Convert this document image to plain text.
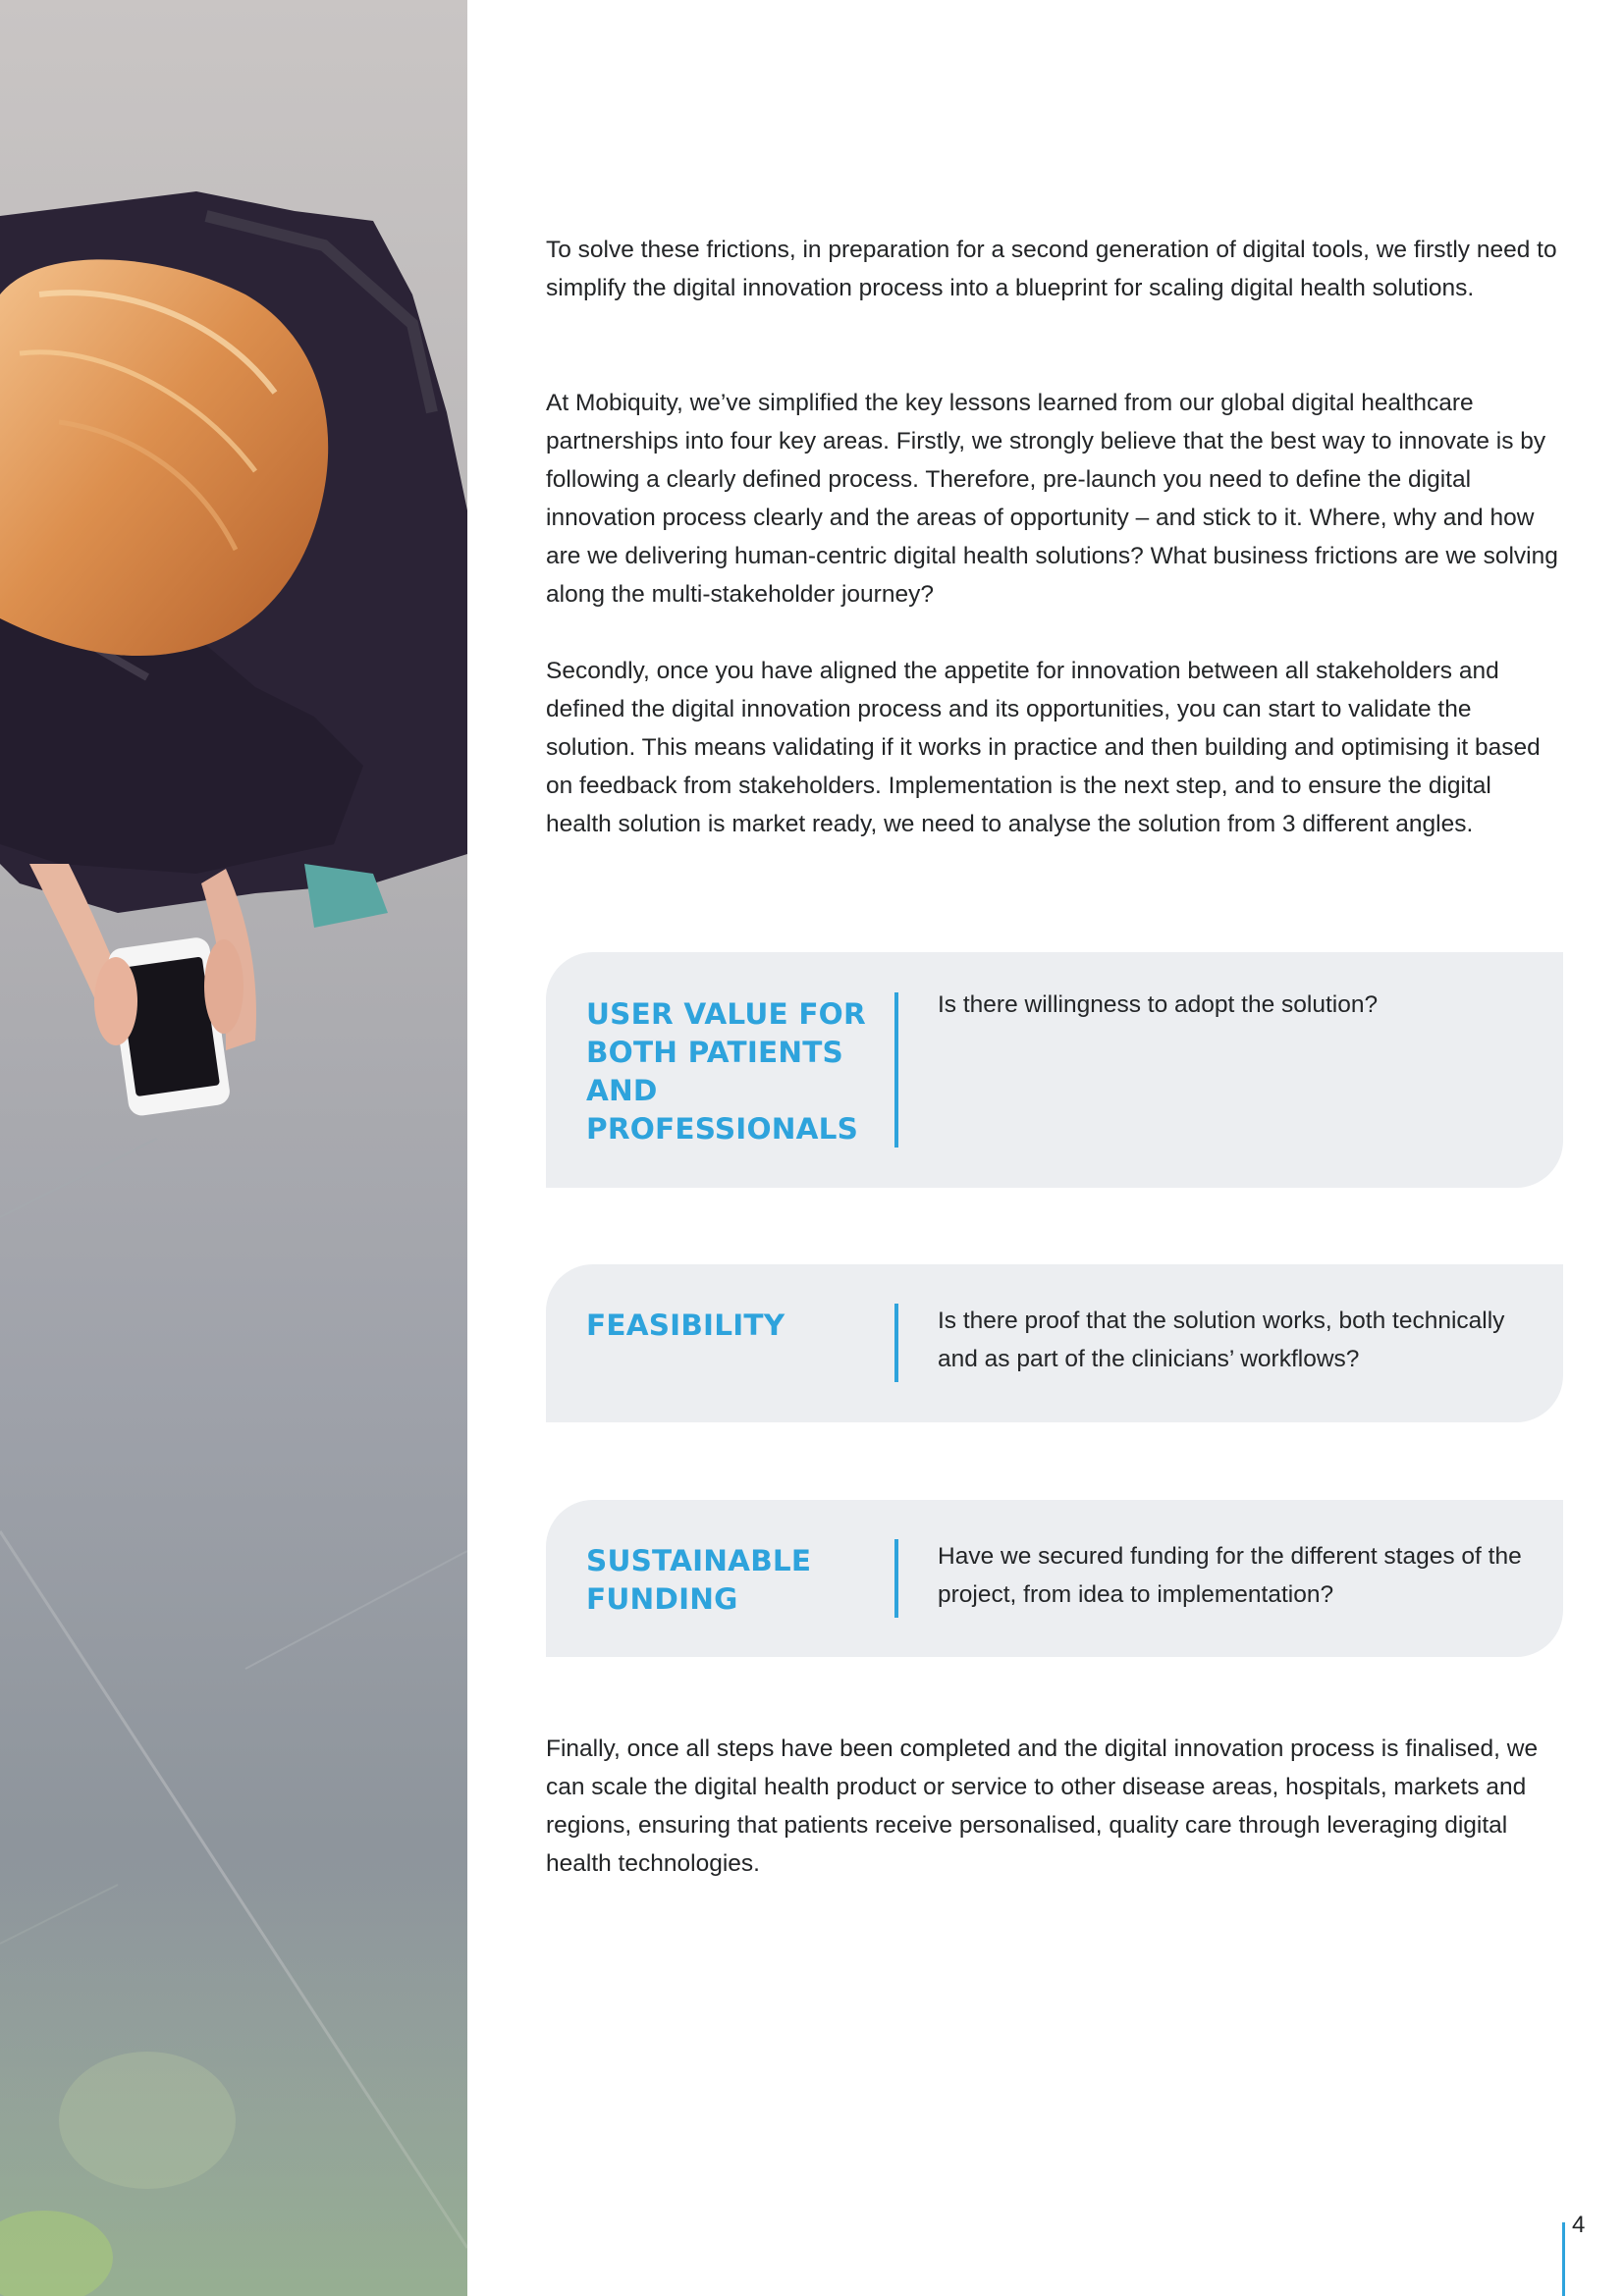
To solve these frictions, in preparation for a second generation of digital tools, we firstly need to simplify the digital innovation process into a blueprint for scaling digital health solutions.

At Mobiquity, we’ve simplified the key lessons learned from our global digital healthcare partnerships into four key areas. Firstly, we strongly believe that the best way to innovate is by following a clearly defined process. Therefore, pre-launch you need to define the digital innovation process clearly and the areas of opportunity – and stick to it. Where, why and how are we delivering human-centric digital health solutions? What business frictions are we solving along the multi-stakeholder journey?

Secondly, once you have aligned the appetite for innovation between all stakeholders and defined the digital innovation process and its opportunities, you can start to validate the solution. This means validating if it works in practice and then building and optimising it based on feedback from stakeholders. Implementation is the next step, and to ensure the digital health solution is market ready, we need to analyse the solution from 3 different angles.

USER VALUE FOR BOTH PATIENTS AND PROFESSIONALS

Is there willingness to adopt the solution?

FEASIBILITY	Is there proof that the solution works, both technically and as part of the clinicians’ workflows?

SUSTAINABLE FUNDING

Have we secured funding for the different stages of the project, from idea to implementation?

Finally, once all steps have been completed and the digital innovation process is finalised, we can scale the digital health product or service to other disease areas, hospitals, markets and regions, ensuring that patients receive personalised, quality care through leveraging digital health technologies.

4
